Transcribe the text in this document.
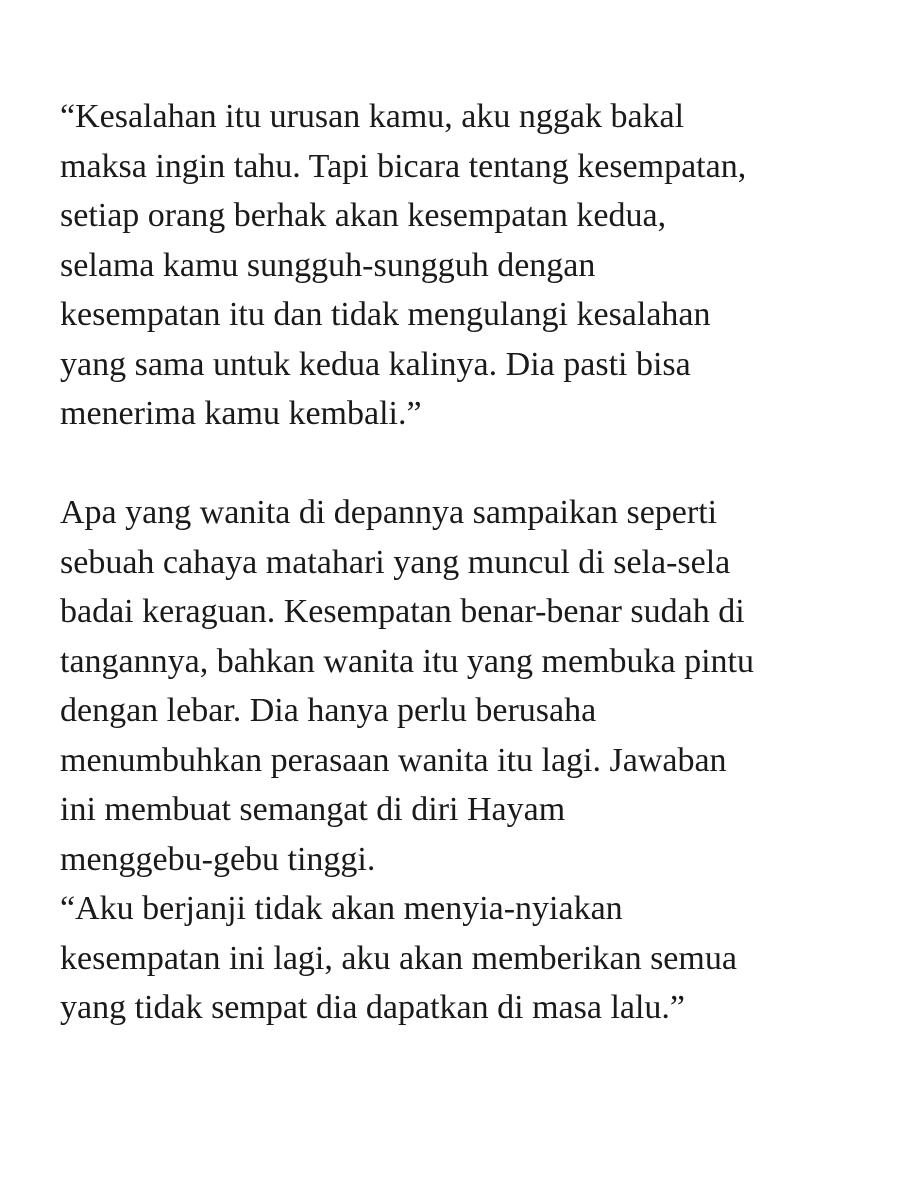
“Kesalahan itu urusan kamu, aku nggak bakal
maksa ingin tahu. Tapi bicara tentang kesempatan,
setiap orang berhak akan kesempatan kedua,
selama kamu sungguh-sungguh dengan
kesempatan itu dan tidak mengulangi kesalahan
yang sama untuk kedua kalinya. Dia pasti bisa
menerima kamu kembali.”
Apa yang wanita di depannya sampaikan seperti
sebuah cahaya matahari yang muncul di sela-sela
badai keraguan. Kesempatan benar-benar sudah di
tangannya, bahkan wanita itu yang membuka pintu
dengan lebar. Dia hanya perlu berusaha
menumbuhkan perasaan wanita itu lagi. Jawaban
ini membuat semangat di diri Hayam
menggebu-gebu tinggi.
“Aku berjanji tidak akan menyia-nyiakan
kesempatan ini lagi, aku akan memberikan semua
yang tidak sempat dia dapatkan di masa lalu.”
